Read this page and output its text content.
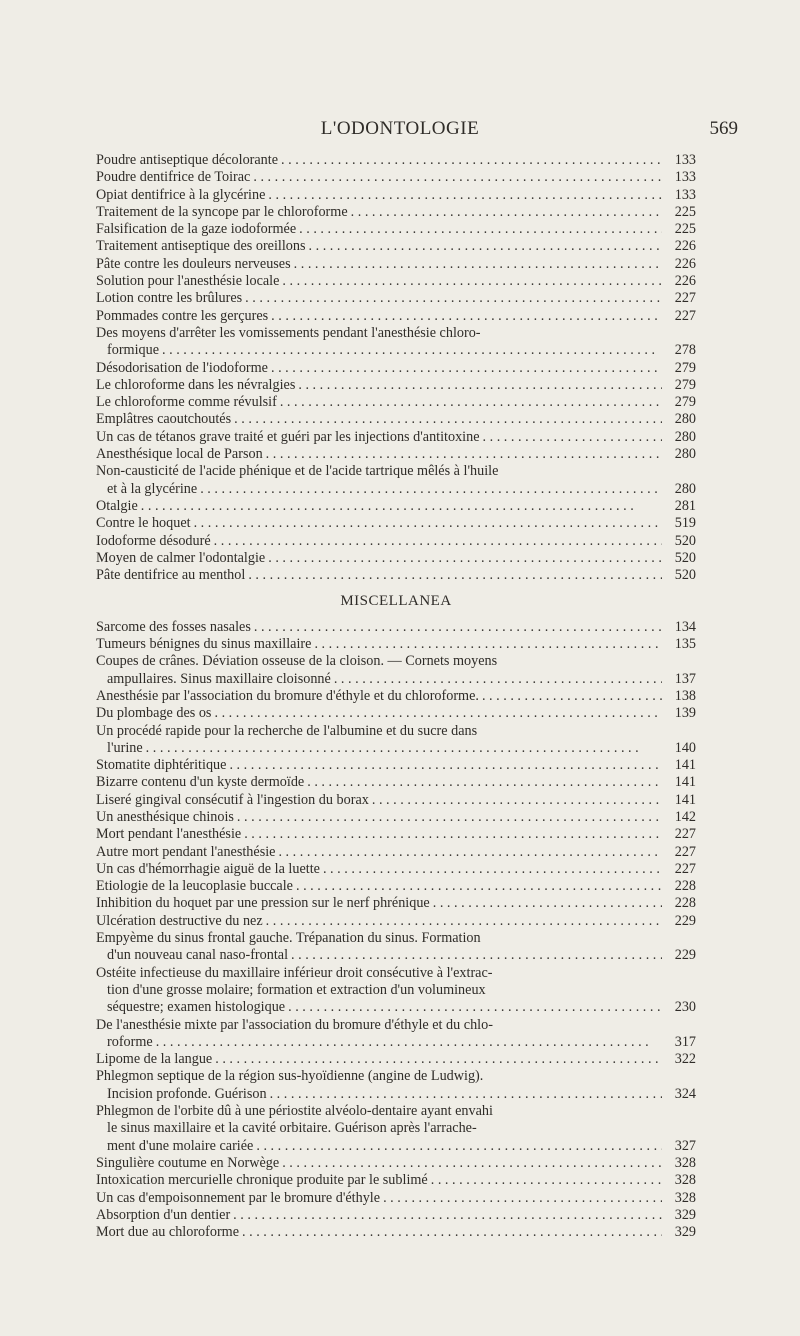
L'ODONTOLOGIE	569
Poudre antiseptique décolorante . . .	133
Poudre dentifrice de Toirac . . .	133
Opiat dentifrice à la glycérine . . .	133
Traitement de la syncope par le chloroforme . . .	225
Falsification de la gaze iodoformée . . .	225
Traitement antiseptique des oreillons . . .	226
Pâte contre les douleurs nerveuses . . .	226
Solution pour l'anesthésie locale . . .	226
Lotion contre les brûlures . . .	227
Pommades contre les gerçures . . .	227
Des moyens d'arrêter les vomissements pendant l'anesthésie chloro-
formique . . .	278
Désodorisation de l'iodoforme . . .	279
Le chloroforme dans les névralgies . . .	279
Le chloroforme comme révulsif . . .	279
Emplâtres caoutchoutés . . .	280
Un cas de tétanos grave traité et guéri par les injections d'antitoxine . . .	280
Anesthésique local de Parson . . .	280
Non-causticité de l'acide phénique et de l'acide tartrique mêlés à l'huile
et à la glycérine . . .	280
Otalgie . . .	281
Contre le hoquet . . .	519
Iodoforme désoduré . . .	520
Moyen de calmer l'odontalgie . . .	520
Pâte dentifrice au menthol . . .	520
MISCELLANEA
Sarcome des fosses nasales . . .	134
Tumeurs bénignes du sinus maxillaire . . .	135
Coupes de crânes. Déviation osseuse de la cloison. — Cornets moyens
ampullaires. Sinus maxillaire cloisonné . . .	137
Anesthésie par l'association du bromure d'éthyle et du chloroforme. . . .	138
Du plombage des os . . .	139
Un procédé rapide pour la recherche de l'albumine et du sucre dans
l'urine . . .	140
Stomatite diphtéritique . . .	141
Bizarre contenu d'un kyste dermoïde . . .	141
Liseré gingival consécutif à l'ingestion du borax . . .	141
Un anesthésique chinois . . .	142
Mort pendant l'anesthésie . . .	227
Autre mort pendant l'anesthésie . . .	227
Un cas d'hémorrhagie aiguë de la luette . . .	227
Etiologie de la leucoplasie buccale . . .	228
Inhibition du hoquet par une pression sur le nerf phrénique . . .	228
Ulcération destructive du nez . . .	229
Empyème du sinus frontal gauche. Trépanation du sinus. Formation
d'un nouveau canal naso-frontal . . .	229
Ostéite infectieuse du maxillaire inférieur droit consécutive à l'extrac-
tion d'une grosse molaire; formation et extraction d'un volumineux
séquestre; examen histologique . . .	230
De l'anesthésie mixte par l'association du bromure d'éthyle et du chlo-
roforme . . .	317
Lipome de la langue . . .	322
Phlegmon septique de la région sus-hyoïdienne (angine de Ludwig).
Incision profonde. Guérison . . .	324
Phlegmon de l'orbite dû à une périostite alvéolo-dentaire ayant envahi
le sinus maxillaire et la cavité orbitaire. Guérison après l'arrache-
ment d'une molaire cariée . . .	327
Singulière coutume en Norwège . . .	328
Intoxication mercurielle chronique produite par le sublimé . . .	328
Un cas d'empoisonnement par le bromure d'éthyle . . .	328
Absorption d'un dentier . . .	329
Mort due au chloroforme . . .	329
